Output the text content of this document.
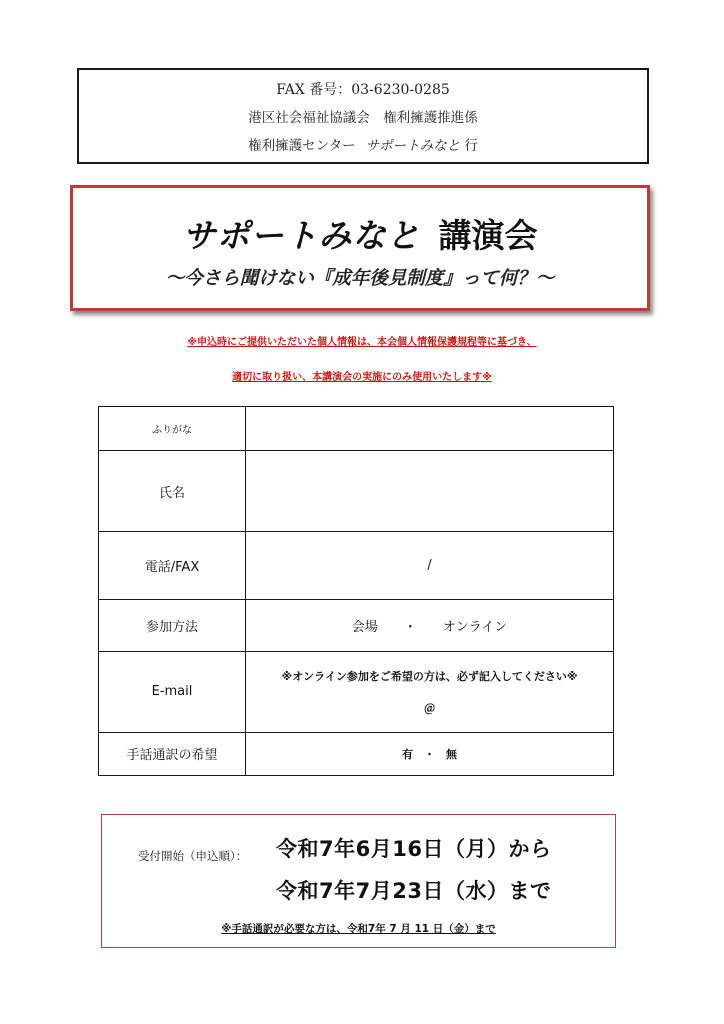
FAX 番号：03-6230-0285
港区社会福祉協議会　権利擁護推進係
権利擁護センター サポートみなと 行
サポートみなと 講演会
～今さら聞けない『成年後見制度』って何？～
※申込時にご提供いただいた個人情報は、本会個人情報保護規程等に基づき、
適切に取り扱い、本講演会の実施にのみ使用いたします※
ふりがな	
氏名	
電話/FAX	/
参加方法	会場　　・　　オンライン
E-mail	※オンライン参加をご希望の方は、必ず記入してください※
＠

手話通訳の希望	有　・　無
受付開始（申込順）： 令和7年6月16日（月）から
令和7年7月23日（水）まで
※手話通訳が必要な方は、令和7年 7 月 11 日（金）まで
